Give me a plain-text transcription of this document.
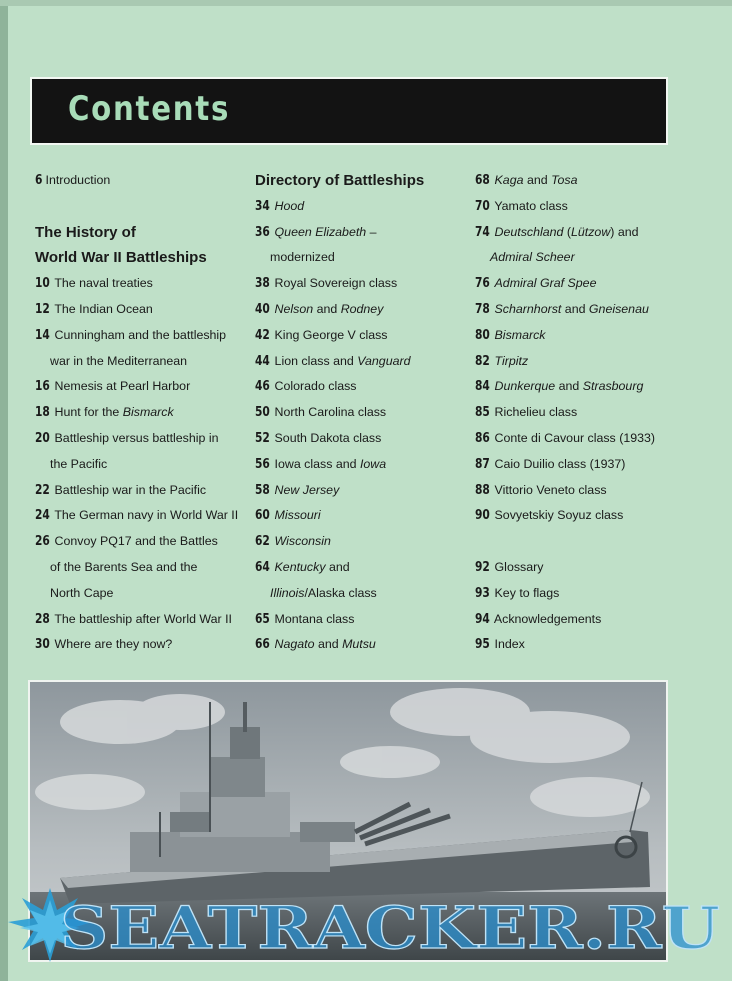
Contents
6 Introduction
The History of
World War II Battleships
10 The naval treaties
12 The Indian Ocean
14 Cunningham and the battleship
war in the Mediterranean
16 Nemesis at Pearl Harbor
18 Hunt for the Bismarck
20 Battleship versus battleship in
the Pacific
22 Battleship war in the Pacific
24 The German navy in World War II
26 Convoy PQ17 and the Battles
of the Barents Sea and the
North Cape
28 The battleship after World War II
30 Where are they now?
Directory of Battleships
34 Hood
36 Queen Elizabeth –
modernized
38 Royal Sovereign class
40 Nelson and Rodney
42 King George V class
44 Lion class and Vanguard
46 Colorado class
50 North Carolina class
52 South Dakota class
56 Iowa class and Iowa
58 New Jersey
60 Missouri
62 Wisconsin
64 Kentucky and
Illinois/Alaska class
65 Montana class
66 Nagato and Mutsu
68 Kaga and Tosa
70 Yamato class
74 Deutschland (Lützow) and
Admiral Scheer
76 Admiral Graf Spee
78 Scharnhorst and Gneisenau
80 Bismarck
82 Tirpitz
84 Dunkerque and Strasbourg
85 Richelieu class
86 Conte di Cavour class (1933)
87 Caio Duilio class (1937)
88 Vittorio Veneto class
90 Sovyetskiy Soyuz class
92 Glossary
93 Key to flags
94 Acknowledgements
95 Index
SEATRACKER.RU
